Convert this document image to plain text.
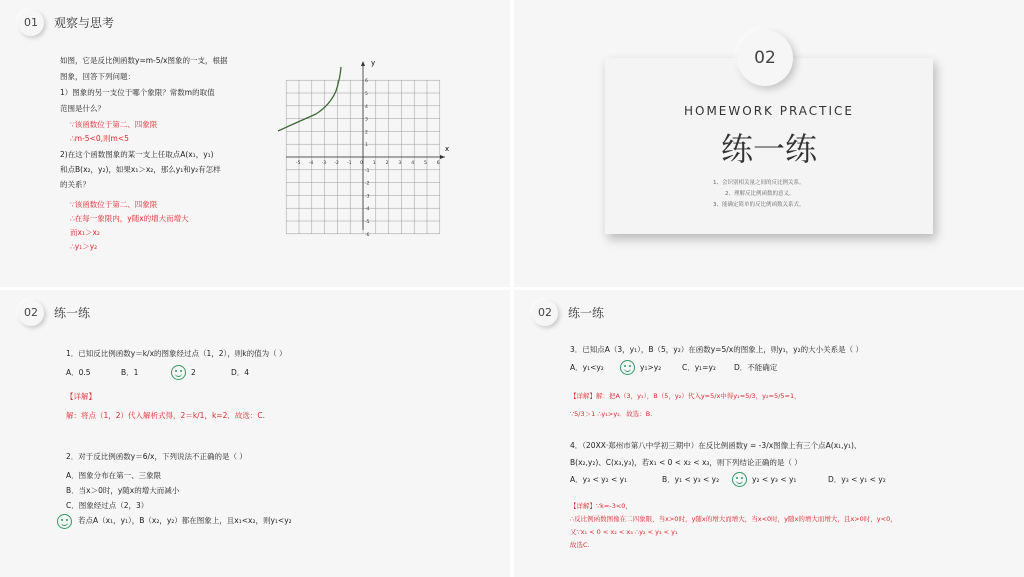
01	观察与思考
如图，它是反比例函数y=m-5/x图象的一支，根据
图象，回答下列问题：
1）图象的另一支位于哪个象限？常数m的取值
范围是什么？
∵该函数位于第二、四象限
∴m-5<0,则m<5
2)在这个函数图象的某一支上任取点A(x₁，y₁)
和点B(x₂，y₂)，如果x₁＞x₂，那么y₁和y₂有怎样
的关系？
∵该函数位于第二、四象限
∴在每一象限内，y随x的增大而增大
而x₁＞x₂
∴y₁＞y₂
-5 -4 -3 -2 -1 0 1 2 3 4 5 6
6
5
4
3
2
1
-1
-2
-3
-4
-5
-6
x
y
HOMEWORK PRACTICE
练一练
1、会识别相关量之间的反比例关系。
2、理解反比例函数的意义。
3、能确定简单的反比例函数关系式。
02
02	练一练
1．已知反比例函数y＝k/x的图象经过点（1，2），则k的值为（ ）
A．0.5	B．1	2	D．4
【详解】
解：将点（1，2）代入解析式得，2＝k/1，k=2．故选：C.
2．对于反比例函数y＝6/x，下列说法不正确的是（ ）
A．图象分布在第一、三象限
B．当x＞0时，y随x的增大而减小
C．图象经过点（2，3）
若点A（x₁，y₁），B（x₂，y₂）都在图象上，且x₁<x₂，则y₁<y₂
02	练一练
3．已知点A（3，y₁），B（5，y₂）在函数y=5/x的图象上，则y₁，y₂的大小关系是（ ）
A．y₁<y₂	y₁>y₂	C．y₁=y₂ D．不能确定
【详解】解：把A（3，y₁），B（5，y₂）代入y=5/x中得y₁=5/3，y₂=5/5=1，
∵5/3＞1 ∴y₁>y₂．故选：B.
4．（20XX·郑州市第八中学初三期中）在反比例函数y = -3/x图像上有三个点A(x₁,y₁)、
B(x₂,y₂)、C(x₃,y₃)，若x₁ < 0 < x₂ < x₃，则下列结论正确的是（ ）
A．y₃ < y₂ < y₁	B．y₁ < y₃ < y₂	y₂ < y₃ < y₁	D．y₃ < y₁ < y₂
【详解】∵k=-3<0，
∴反比例函数图像在二四象限，当x>0时，y随x的增大而增大，当x<0时，y随x的增大而增大，且x>0时，y<0，
又∵x₁ < 0 < x₂ < x₃ ∴y₂ < y₃ < y₁
故选C.
